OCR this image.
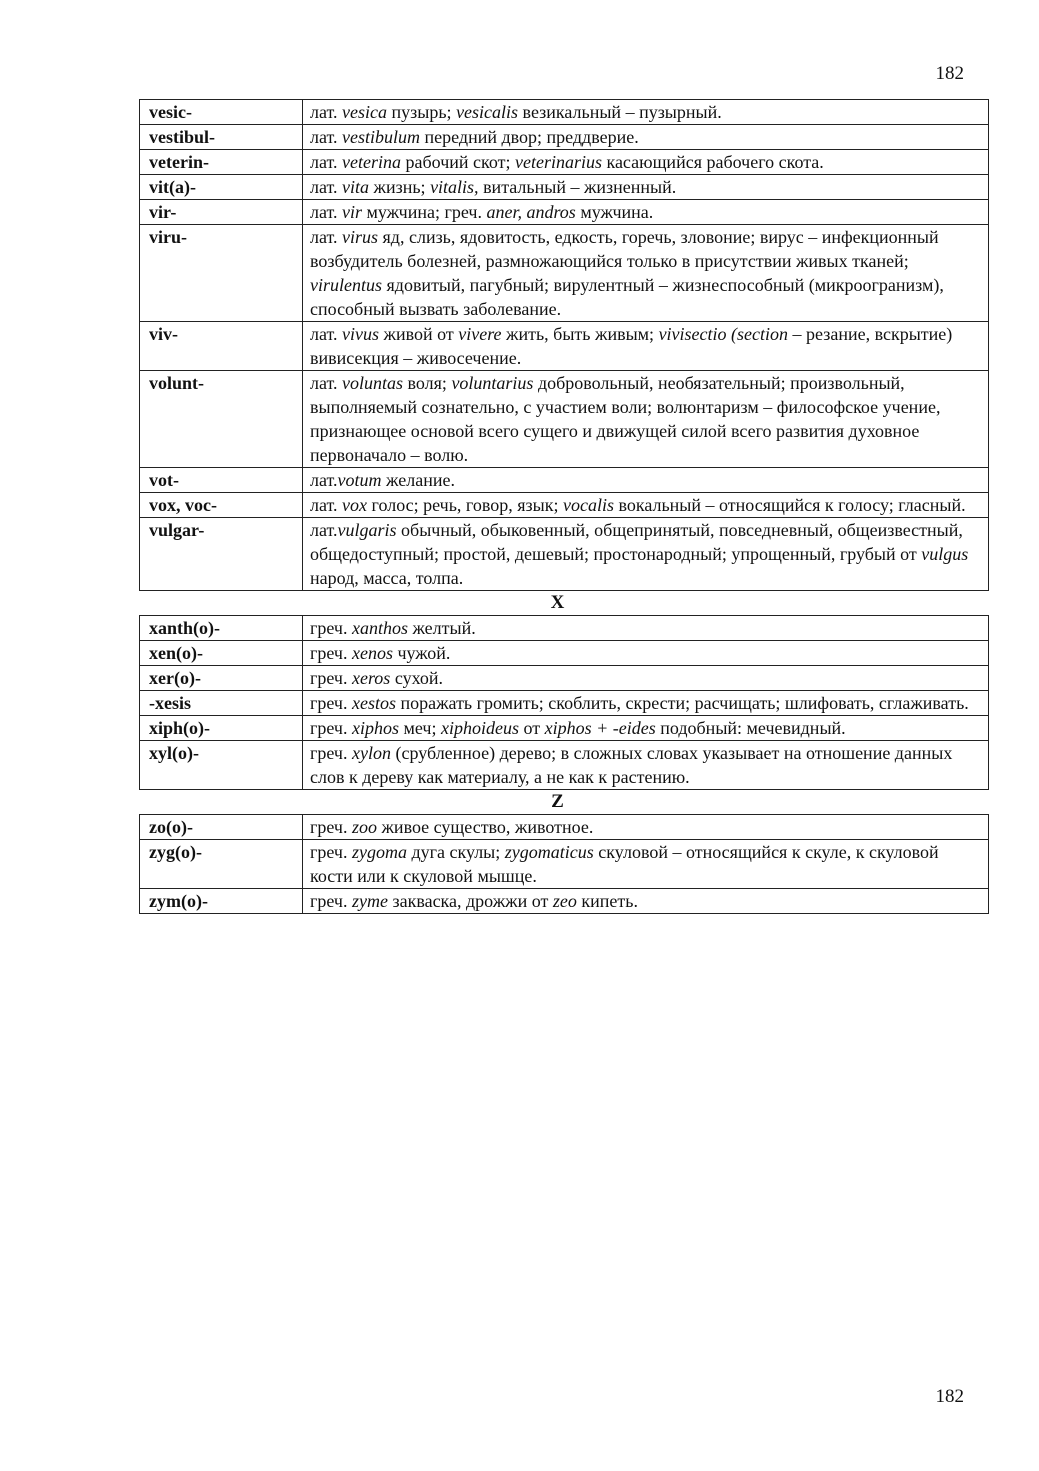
182
vesic-	лат. vesica пузырь; vesicalis везикальный – пузырный.
vestibul-	лат. vestibulum передний двор; преддверие.
veterin-	лат. veterina рабочий скот; veterinarius касающийся рабочего скота.
vit(a)-	лат. vita жизнь; vitalis, витальный – жизненный.
vir-	лат. vir мужчина; греч. aner, andros мужчина.
viru-	лат. virus яд, слизь, ядовитость, едкость, горечь, зловоние; вирус – инфекционный возбудитель болезней, размножающийся только в присутствии живых тканей; virulentus ядовитый, пагубный; вирулентный – жизнеспособный (микроогранизм), способный вызвать заболевание.
viv-	лат. vivus живой от vivere жить, быть живым; vivisectio (section – резание, вскрытие) вивисекция – живосечение.
volunt-	лат. voluntas воля; voluntarius добровольный, необязательный; произвольный, выполняемый сознательно, с участием воли; волюнтаризм – философское учение, признающее основой всего сущего и движущей силой всего развития духовное первоначало – волю.
vot-	лат.votum желание.
vox, voc-	лат. vox голос; речь, говор, язык; vocalis вокальный – относящийся к голосу; гласный.
vulgar-	лат.vulgaris обычный, обыковенный, общепринятый, повседневный, общеизвестный, общедоступный; простой, дешевый; простонародный; упрощенный, грубый от vulgus народ, масса, толпа.
X
xanth(o)-	греч. xanthos желтый.
xen(o)-	греч. xenos чужой.
xer(o)-	греч. xeros сухой.
-xesis	греч. xestos поражать громить; скоблить, скрести; расчищать; шлифовать, сглаживать.
xiph(o)-	греч. xiphos меч; xiphoideus от xiphos + -eides подобный: мечевидный.
xyl(o)-	греч. xylon (срубленное) дерево; в сложных словах указывает на отношение данных слов к дереву как материалу, а не как к растению.
Z
zo(o)-	греч. zoo живое существо, животное.
zyg(o)-	греч. zygoma дуга скулы; zygomaticus скуловой – относящийся к скуле, к скуловой кости или к скуловой мышце.
zym(o)-	греч. zyme закваска, дрожжи от zeo кипеть.
182
